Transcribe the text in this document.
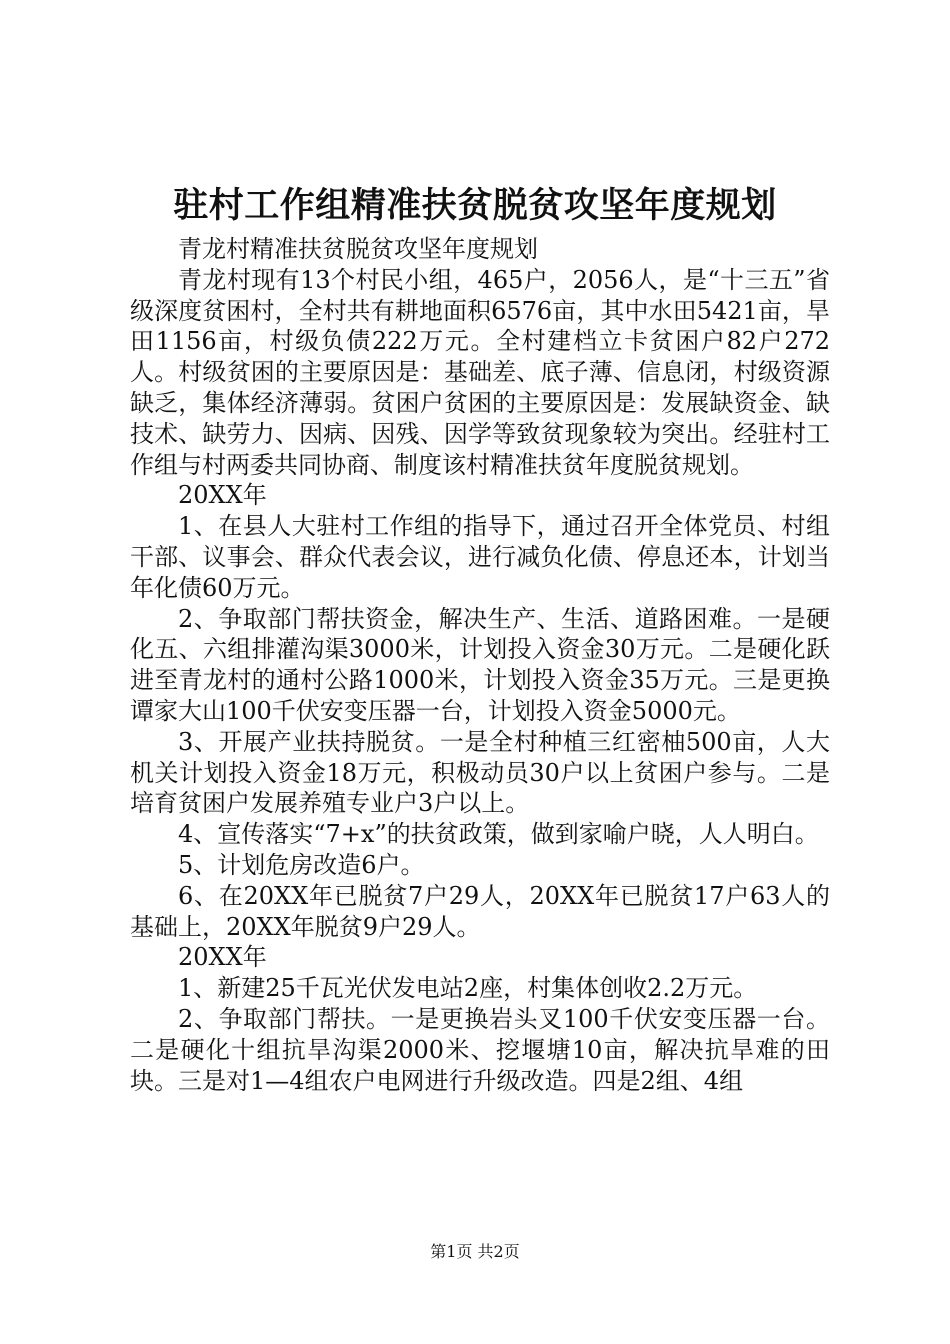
驻村工作组精准扶贫脱贫攻坚年度规划

青龙村精准扶贫脱贫攻坚年度规划

青龙村现有13个村民小组，465户，2056人，是“十三五”省级深度贫困村，全村共有耕地面积6576亩，其中水田5421亩，旱田1156亩，村级负债222万元。全村建档立卡贫困户82户272人。村级贫困的主要原因是：基础差、底子薄、信息闭，村级资源缺乏，集体经济薄弱。贫困户贫困的主要原因是：发展缺资金、缺技术、缺劳力、因病、因残、因学等致贫现象较为突出。经驻村工作组与村两委共同协商、制度该村精准扶贫年度脱贫规划。

20XX年

1、在县人大驻村工作组的指导下，通过召开全体党员、村组干部、议事会、群众代表会议，进行减负化债、停息还本，计划当年化债60万元。

2、争取部门帮扶资金，解决生产、生活、道路困难。一是硬化五、六组排灌沟渠3000米，计划投入资金30万元。二是硬化跃进至青龙村的通村公路1000米，计划投入资金35万元。三是更换谭家大山100千伏安变压器一台，计划投入资金5000元。

3、开展产业扶持脱贫。一是全村种植三红密柚500亩，人大机关计划投入资金18万元，积极动员30户以上贫困户参与。二是培育贫困户发展养殖专业户3户以上。

4、宣传落实“7+x”的扶贫政策，做到家喻户晓，人人明白。

5、计划危房改造6户。

6、在20XX年已脱贫7户29人，20XX年已脱贫17户63人的基础上，20XX年脱贫9户29人。

20XX年

1、新建25千瓦光伏发电站2座，村集体创收2.2万元。

2、争取部门帮扶。一是更换岩头叉100千伏安变压器一台。二是硬化十组抗旱沟渠2000米、挖堰塘10亩，解决抗旱难的田块。三是对1—4组农户电网进行升级改造。四是2组、4组

第1页 共2页
